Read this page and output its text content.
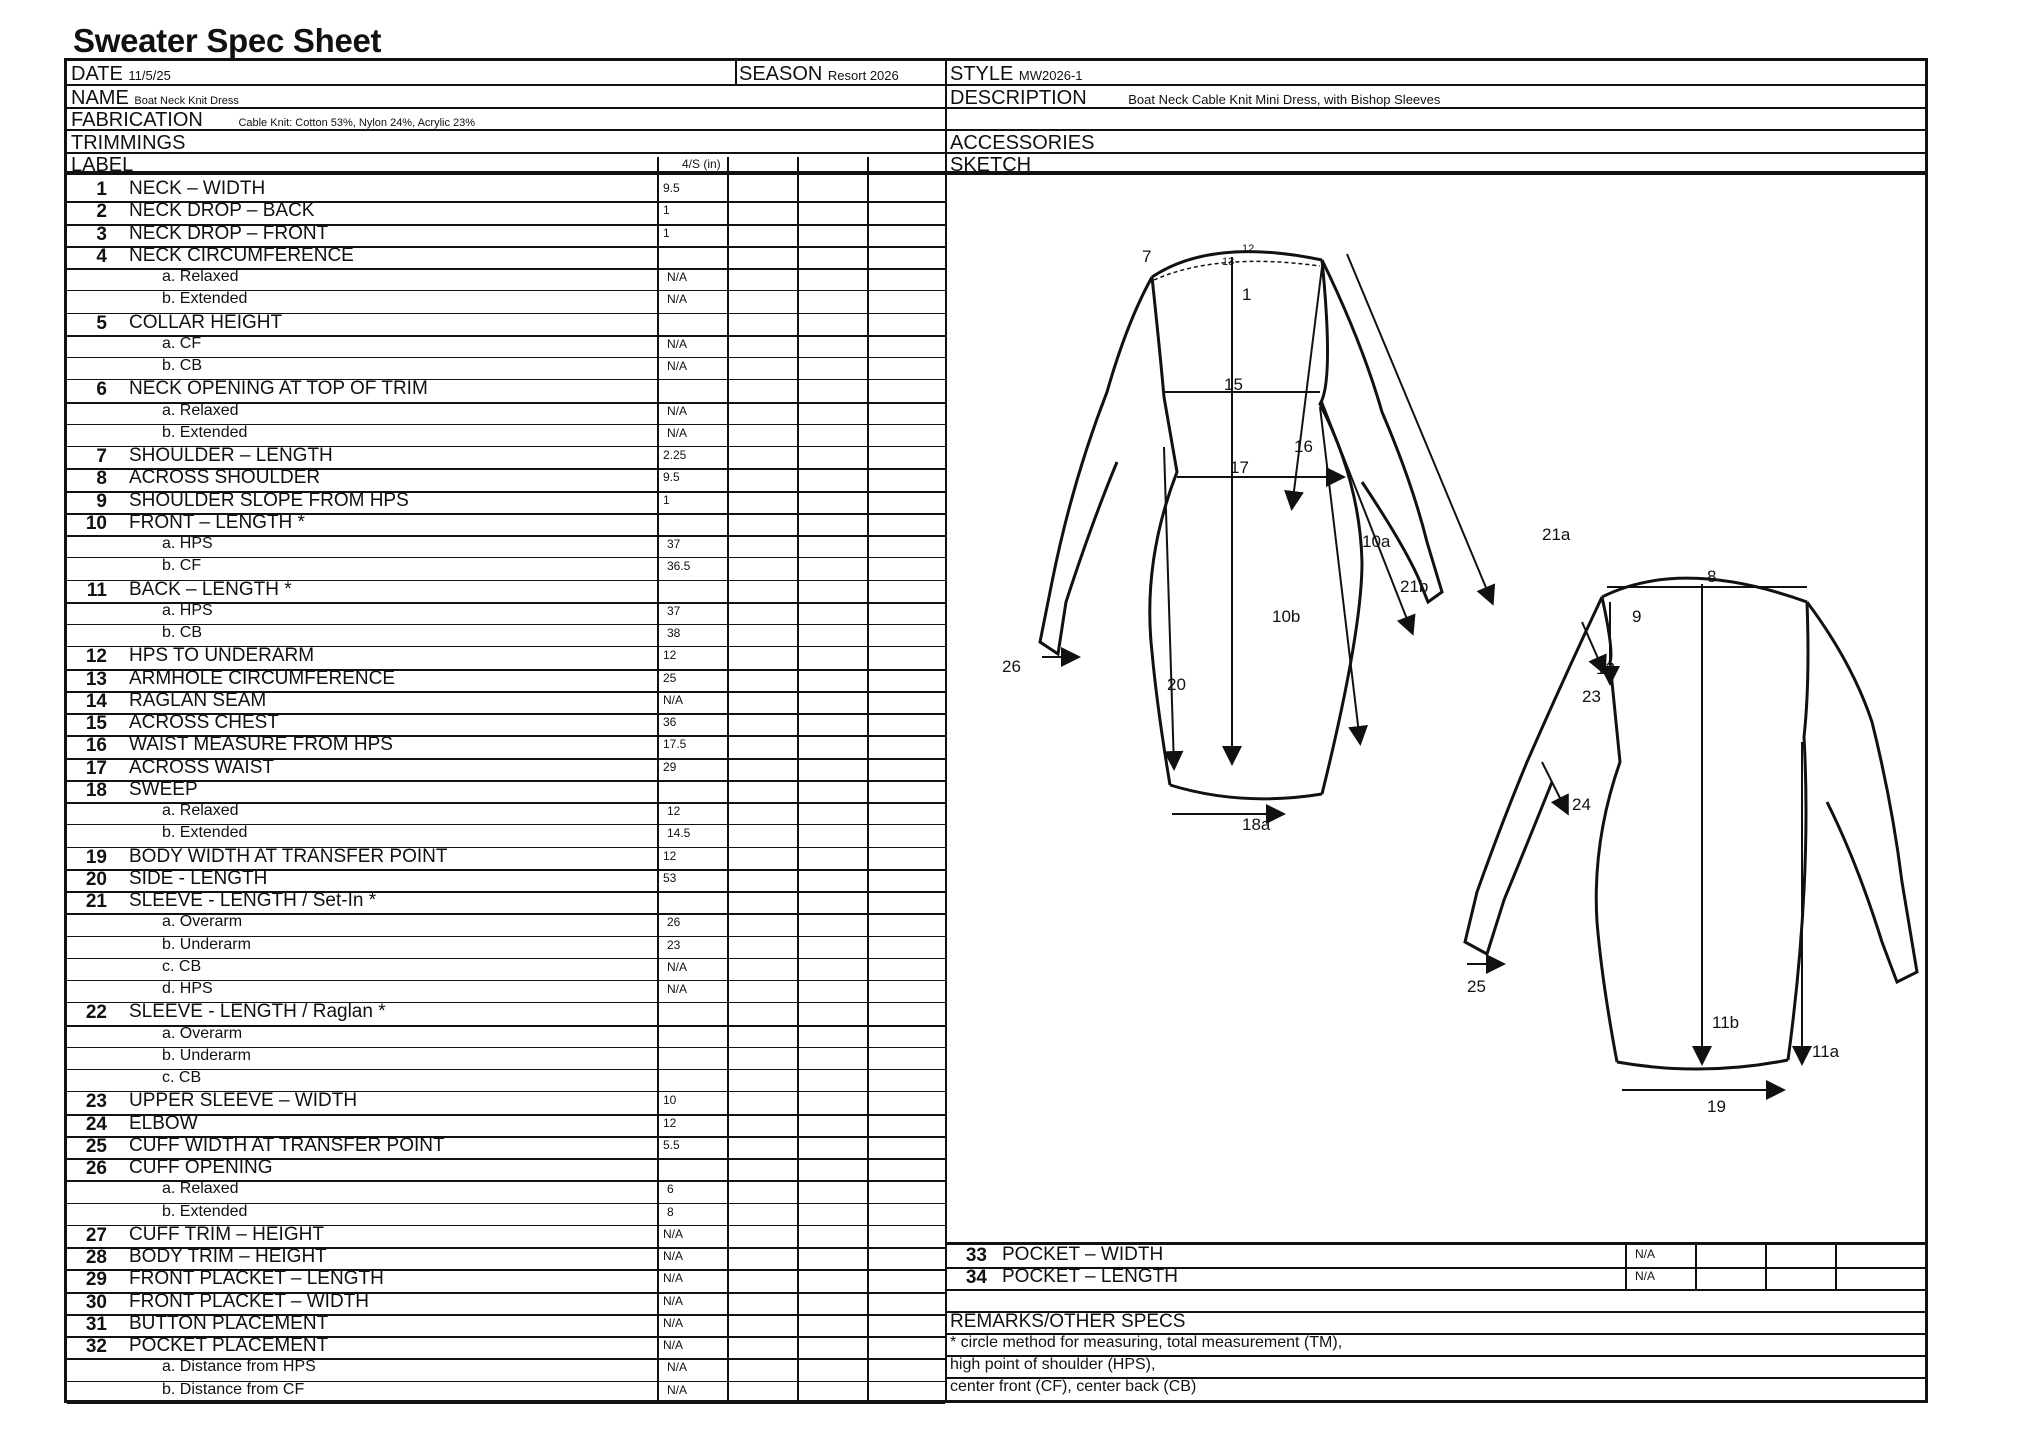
Sweater Spec Sheet
DATE 11/5/25	SEASON Resort 2026	STYLE MW2026-1
NAME Boat Neck Knit Dress	DESCRIPTION	Boat Neck Cable Knit Mini Dress, with Bishop Sleeves
FABRICATION	Cable Knit: Cotton 53%, Nylon 24%, Acrylic 23%
TRIMMINGS	ACCESSORIES
LABEL	SKETCH
1 NECK – WIDTH	9.5
2 NECK DROP – BACK	1
3 NECK DROP – FRONT	1
4 NECK CIRCUMFERENCE
a. Relaxed	N/A
b. Extended	N/A
5 COLLAR HEIGHT
a. CF	N/A
b. CB	N/A
6 NECK OPENING AT TOP OF TRIM
a. Relaxed	N/A
b. Extended	N/A
7 SHOULDER – LENGTH	2.25
8 ACROSS SHOULDER	9.5
9 SHOULDER SLOPE FROM HPS	1
10 FRONT – LENGTH *
a. HPS	37
b. CF	36.5
11 BACK – LENGTH *
a. HPS	37
b. CB	38
12 HPS TO UNDERARM	12
13 ARMHOLE CIRCUMFERENCE	25
14 RAGLAN SEAM	N/A
15 ACROSS CHEST	36
16 WAIST MEASURE FROM HPS	17.5
17 ACROSS WAIST	29
18 SWEEP
a. Relaxed	12
b. Extended	14.5
19 BODY WIDTH AT TRANSFER POINT	12
20 SIDE - LENGTH	53
21 SLEEVE - LENGTH / Set-In *
a. Overarm	26
b. Underarm	23
c. CB	N/A
d. HPS	N/A
22 SLEEVE - LENGTH / Raglan *
a. Overarm
b. Underarm
c. CB
23 UPPER SLEEVE – WIDTH	10
24 ELBOW	12
25 CUFF WIDTH AT TRANSFER POINT	5.5
26 CUFF OPENING
a. Relaxed	6
b. Extended	8
27 CUFF TRIM – HEIGHT	N/A
28 BODY TRIM – HEIGHT	N/A
29 FRONT PLACKET – LENGTH	N/A
30 FRONT PLACKET – WIDTH	N/A
31 BUTTON PLACEMENT	N/A
32 POCKET PLACEMENT	N/A
a. Distance from HPS	N/A
b. Distance from CF	N/A
4/S (in)
33 POCKET – WIDTH	N/A
34 POCKET – LENGTH	N/A
REMARKS/OTHER SPECS
* circle method for measuring, total measurement (TM),
high point of shoulder (HPS),
center front (CF), center back (CB)
7	12
13
1
15
16
17
10a	21a
21b
10b
20
26
18a
8
9
12
23
24
11b
11a
25
19
